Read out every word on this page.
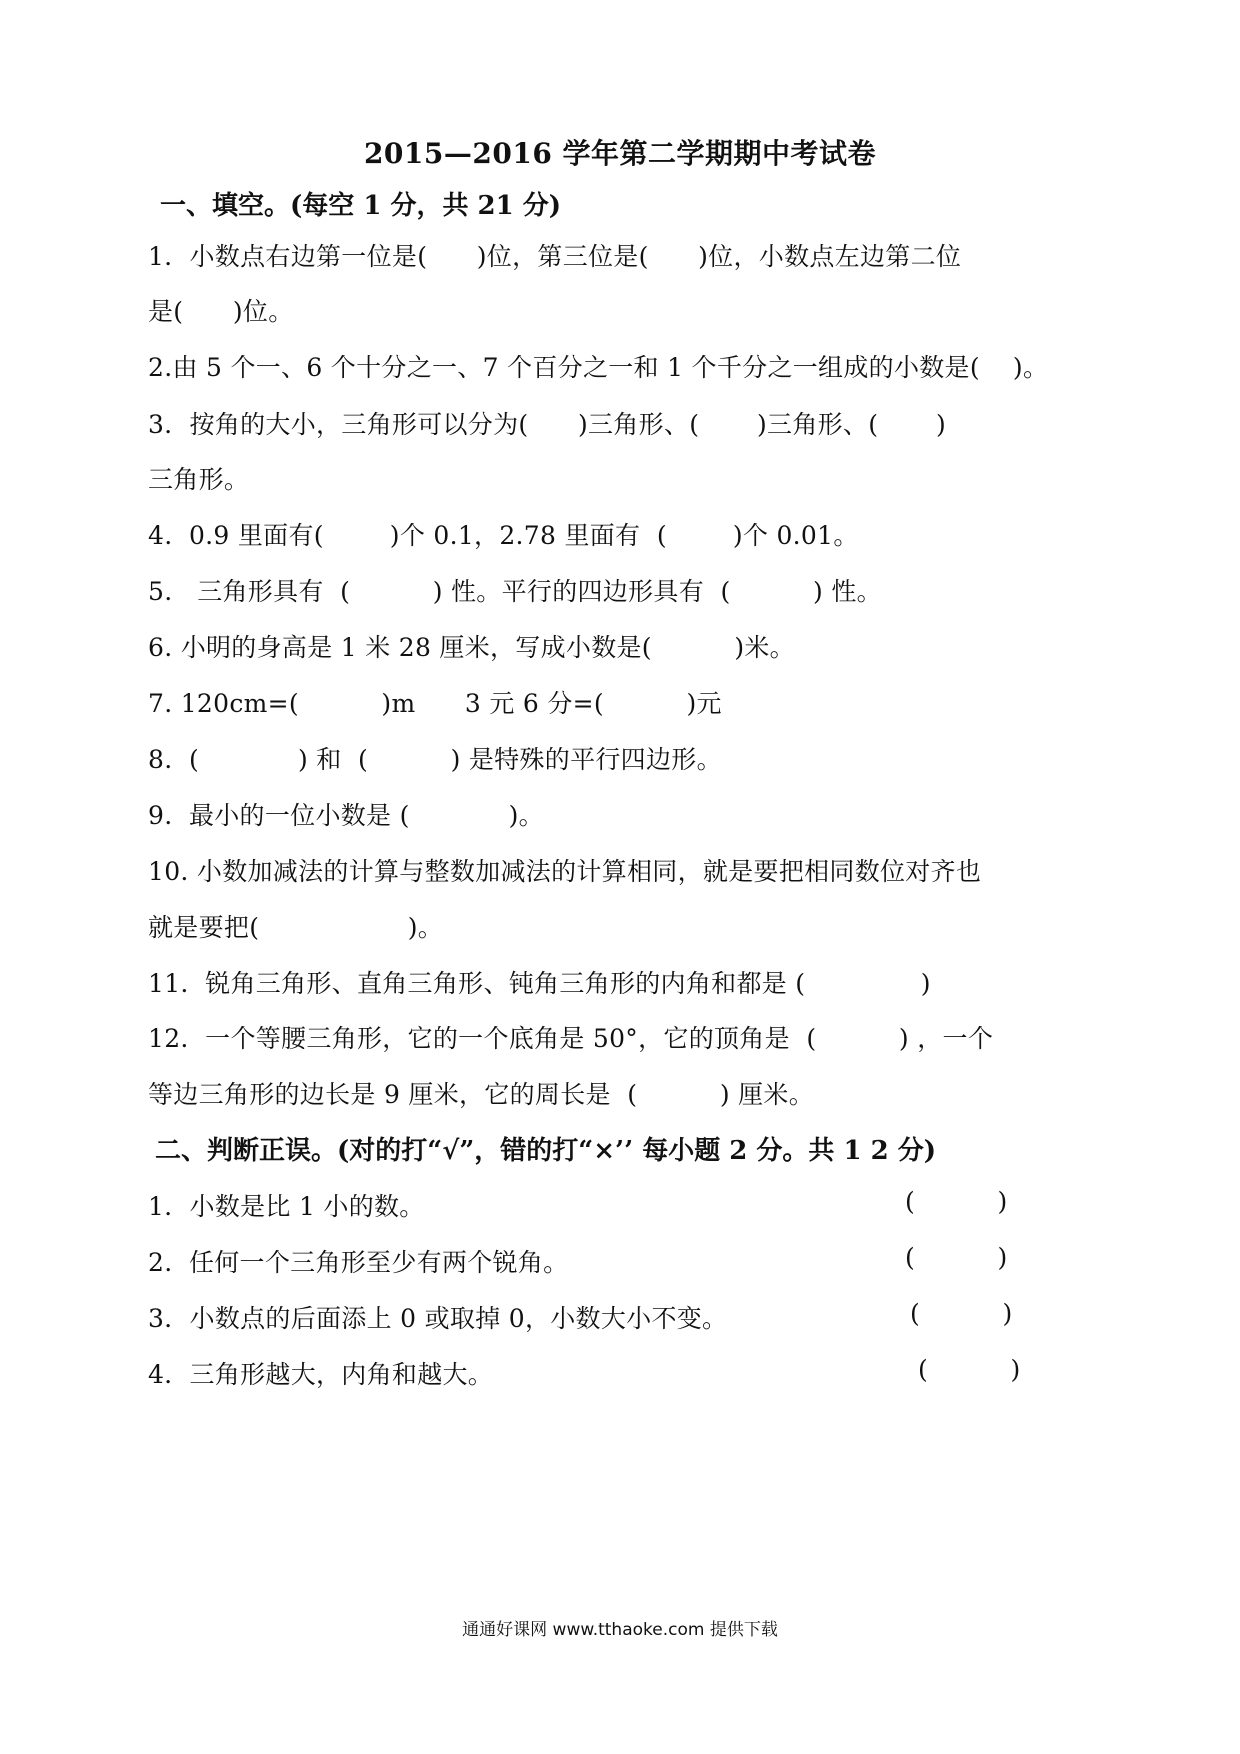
2015—2016 学年第二学期期中考试卷
一、填空。(每空 1 分，共 21 分)
1．小数点右边第一位是(      )位，第三位是(      )位，小数点左边第二位
是(      )位。
2.由 5 个一、6 个十分之一、7 个百分之一和 1 个千分之一组成的小数是(    )。
3．按角的大小，三角形可以分为(      )三角形、(       )三角形、(       )
三角形。
4.  0.9 里面有(        )个 0.1，2.78 里面有  (        )个 0.01。
5.   三角形具有  (          ) 性。平行的四边形具有  (          ) 性。
6. 小明的身高是 1 米 28 厘米，写成小数是(          )米。
7. 120cm=(          )m      3 元 6 分=(          )元
8.  (            ) 和  (          ) 是特殊的平行四边形。
9.  最小的一位小数是 (            )。
10. 小数加减法的计算与整数加减法的计算相同，就是要把相同数位对齐也
就是要把(                  )。
11.  锐角三角形、直角三角形、钝角三角形的内角和都是 (              )
12.  一个等腰三角形，它的一个底角是 50°，它的顶角是  (          ) ，一个
等边三角形的边长是 9 厘米，它的周长是  (          ) 厘米。
二、判断正误。(对的打“√”，错的打“×’’ 每小题 2 分。共 1 2 分)
1．小数是比 1 小的数。	(          )
2.  任何一个三角形至少有两个锐角。	(          )
3．小数点的后面添上 0 或取掉 0，小数大小不变。	(          )
4．三角形越大，内角和越大。	(          )
通通好课网 www.tthaoke.com 提供下载
